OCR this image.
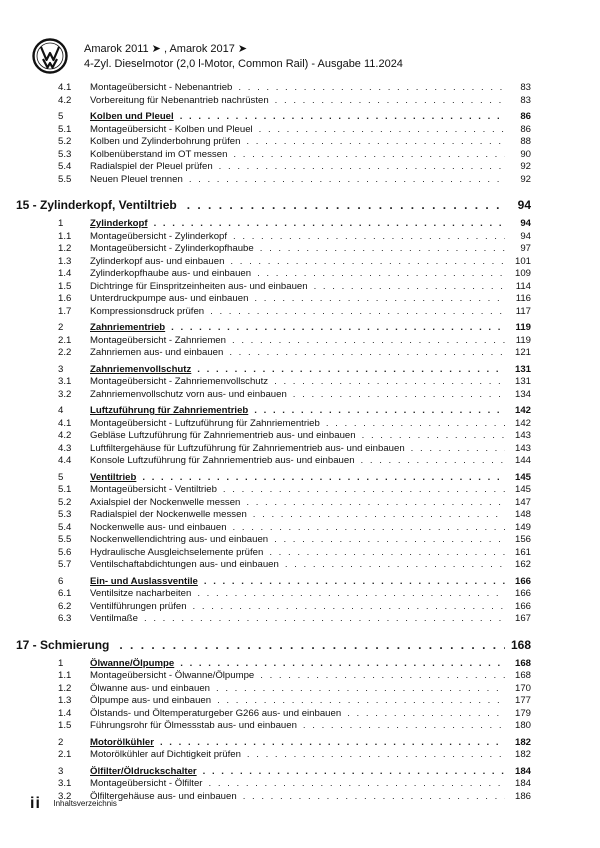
Amarok 2011 ➤ , Amarok 2017 ➤
4-Zyl. Dieselmotor (2,0 l-Motor, Common Rail) - Ausgabe 11.2024
4.1	Montageübersicht - Nebenantrieb . . .	83
4.2	Vorbereitung für Nebenantrieb nachrüsten . . .	83
5	Kolben und Pleuel . . .	86
5.1	Montageübersicht - Kolben und Pleuel . . .	86
5.2	Kolben und Zylinderbohrung prüfen . . .	88
5.3	Kolbenüberstand im OT messen . . .	90
5.4	Radialspiel der Pleuel prüfen . . .	92
5.5	Neuen Pleuel trennen . . .	92
15 - Zylinderkopf, Ventiltrieb . . .	94
1	Zylinderkopf . . .	94
1.1	Montageübersicht - Zylinderkopf . . .	94
1.2	Montageübersicht - Zylinderkopfhaube . . .	97
1.3	Zylinderkopf aus- und einbauen . . .	101
1.4	Zylinderkopfhaube aus- und einbauen . . .	109
1.5	Dichtringe für Einspritzeinheiten aus- und einbauen . . .	114
1.6	Unterdruckpumpe aus- und einbauen . . .	116
1.7	Kompressionsdruck prüfen . . .	117
2	Zahnriementrieb . . .	119
2.1	Montageübersicht - Zahnriemen . . .	119
2.2	Zahnriemen aus- und einbauen . . .	121
3	Zahnriemenvollschutz . . .	131
3.1	Montageübersicht - Zahnriemenvollschutz . . .	131
3.2	Zahnriemenvollschutz vorn aus- und einbauen . . .	134
4	Luftzuführung für Zahnriementrieb . . .	142
4.1	Montageübersicht - Luftzuführung für Zahnriementrieb . . .	142
4.2	Gebläse Luftzuführung für Zahnriementrieb aus- und einbauen . . .	143
4.3	Luftfiltergehäuse für Luftzuführung für Zahnriementrieb aus- und einbauen . . .	143
4.4	Konsole Luftzuführung für Zahnriementrieb aus- und einbauen . . .	144
5	Ventiltrieb . . .	145
5.1	Montageübersicht - Ventiltrieb . . .	145
5.2	Axialspiel der Nockenwelle messen . . .	147
5.3	Radialspiel der Nockenwelle messen . . .	148
5.4	Nockenwelle aus- und einbauen . . .	149
5.5	Nockenwellendichtring aus- und einbauen . . .	156
5.6	Hydraulische Ausgleichselemente prüfen . . .	161
5.7	Ventilschaftabdichtungen aus- und einbauen . . .	162
6	Ein- und Auslassventile . . .	166
6.1	Ventilsitze nacharbeiten . . .	166
6.2	Ventilführungen prüfen . . .	166
6.3	Ventilmaße . . .	167
17 - Schmierung . . .	168
1	Ölwanne/Ölpumpe . . .	168
1.1	Montageübersicht - Ölwanne/Ölpumpe . . .	168
1.2	Ölwanne aus- und einbauen . . .	170
1.3	Ölpumpe aus- und einbauen . . .	177
1.4	Ölstands- und Öltemperaturgeber G266 aus- und einbauen . . .	179
1.5	Führungsrohr für Ölmessstab aus- und einbauen . . .	180
2	Motorölkühler . . .	182
2.1	Motorölkühler auf Dichtigkeit prüfen . . .	182
3	Ölfilter/Öldruckschalter . . .	184
3.1	Montageübersicht - Ölfilter . . .	184
3.2	Ölfiltergehäuse aus- und einbauen . . .	186
ii Inhaltsverzeichnis
